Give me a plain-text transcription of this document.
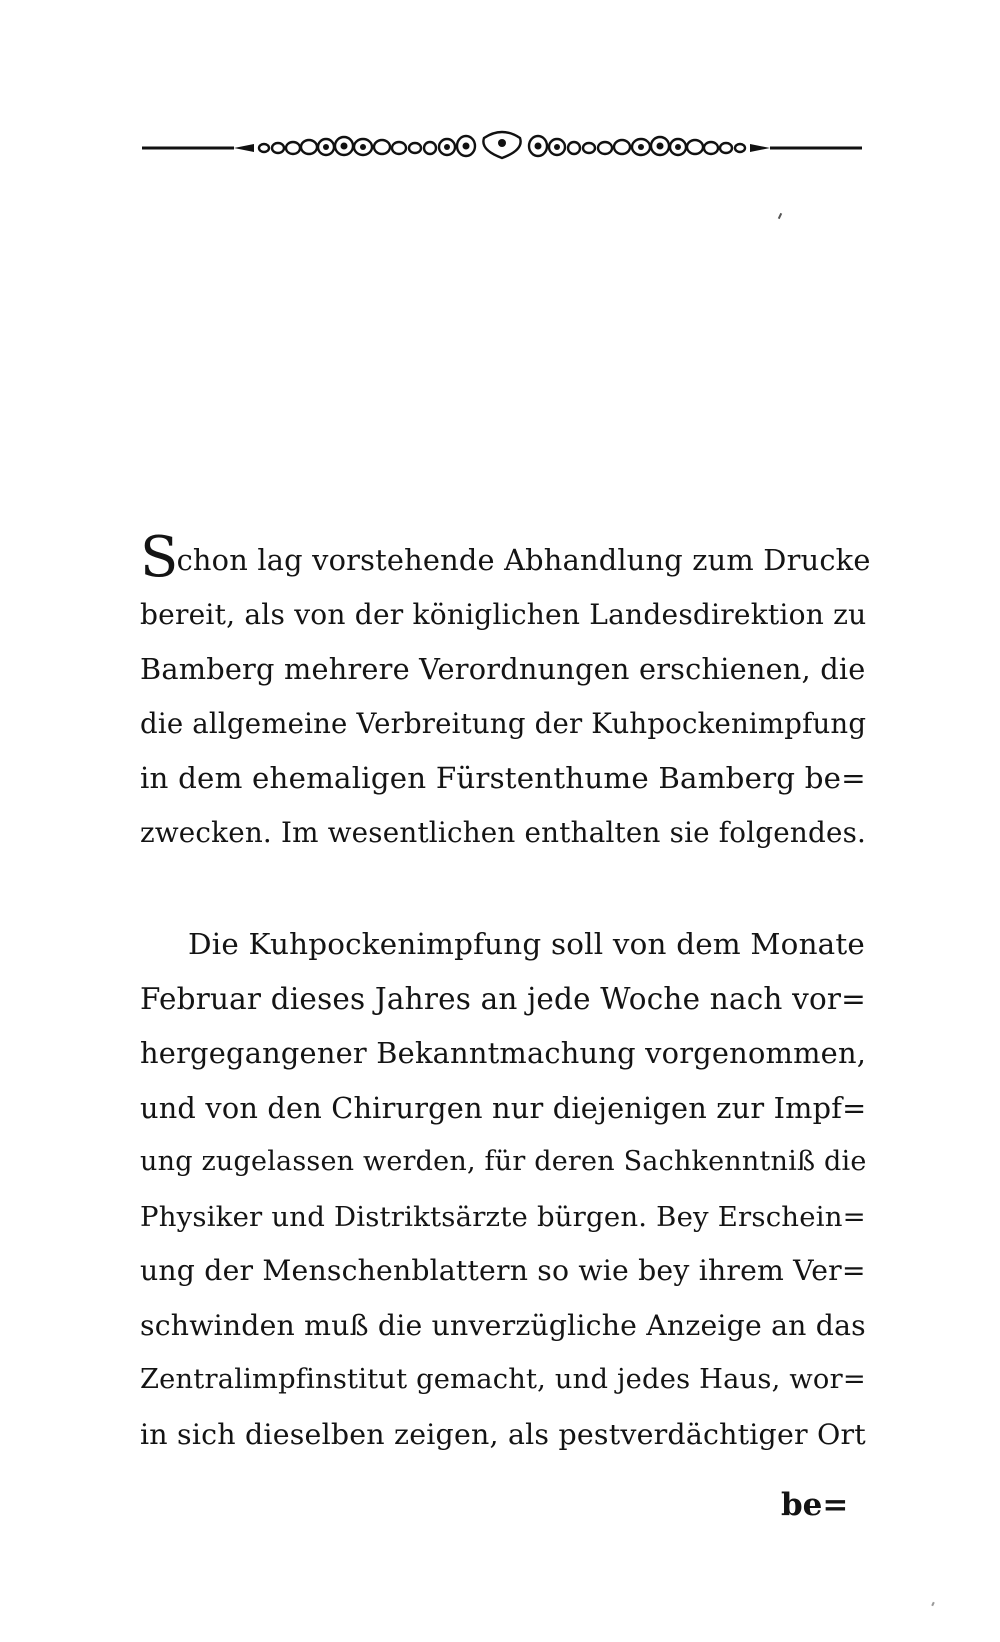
Schon lag vorstehende Abhandlung zum Drucke
bereit, als von der königlichen Landesdirektion zu
Bamberg mehrere Verordnungen erschienen, die
die allgemeine Verbreitung der Kuhpockenimpfung
in dem ehemaligen Fürstenthume Bamberg be=
zwecken. Im wesentlichen enthalten sie folgendes.
Die Kuhpockenimpfung soll von dem Monate
Februar dieses Jahres an jede Woche nach vor=
hergegangener Bekanntmachung vorgenommen,
und von den Chirurgen nur diejenigen zur Impf=
ung zugelassen werden, für deren Sachkenntniß die
Physiker und Distriktsärzte bürgen. Bey Erschein=
ung der Menschenblattern so wie bey ihrem Ver=
schwinden muß die unverzügliche Anzeige an das
Zentralimpfinstitut gemacht, und jedes Haus, wor=
in sich dieselben zeigen, als pestverdächtiger Ort
be=
